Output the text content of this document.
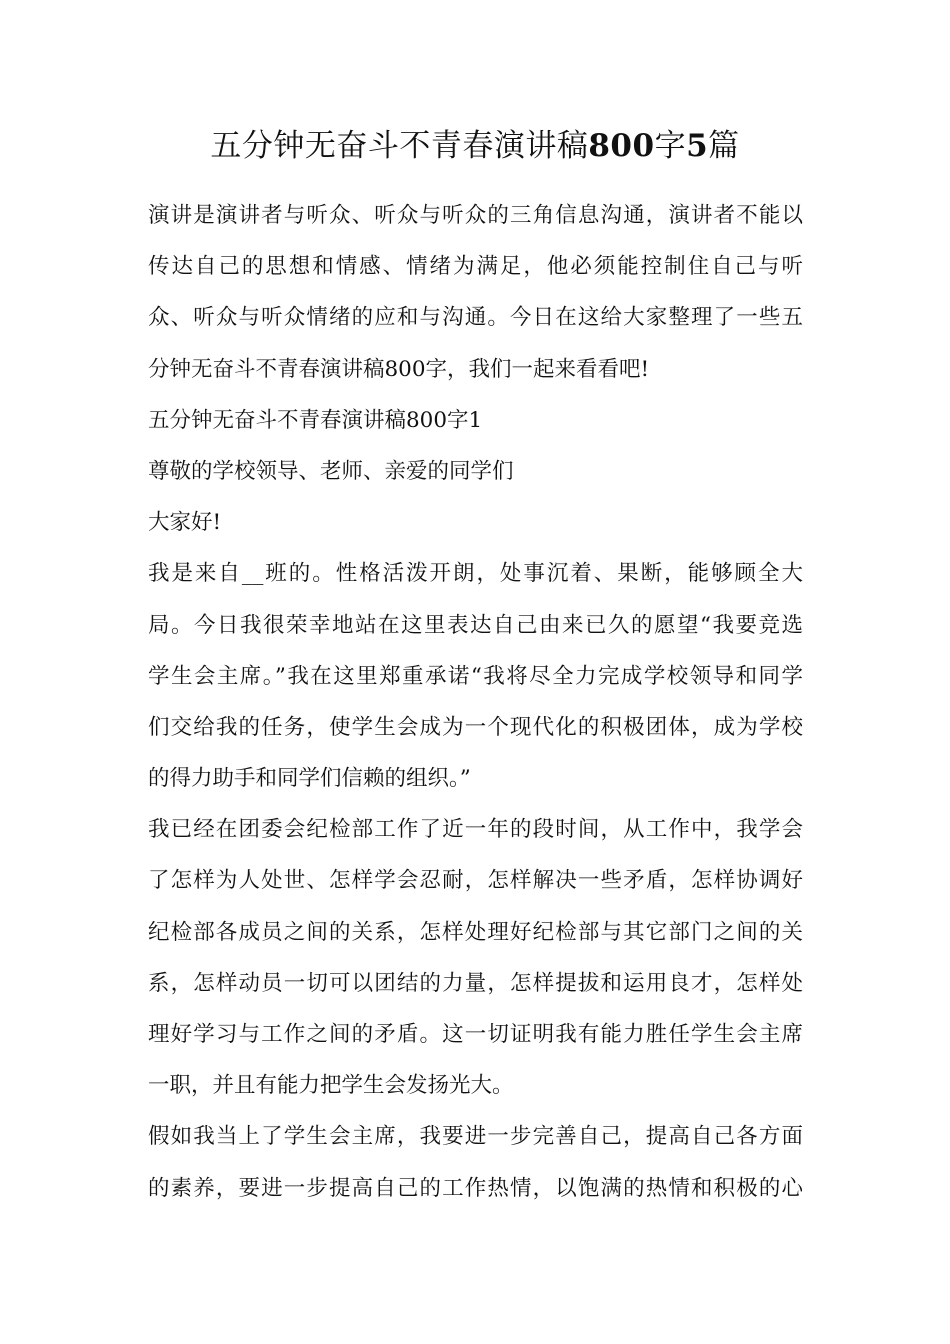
五分钟无奋斗不青春演讲稿800字5篇
演讲是演讲者与听众、听众与听众的三角信息沟通，演讲者不能以
传达自己的思想和情感、情绪为满足，他必须能控制住自己与听
众、听众与听众情绪的应和与沟通。今日在这给大家整理了一些五
分钟无奋斗不青春演讲稿800字，我们一起来看看吧!
五分钟无奋斗不青春演讲稿800字1
尊敬的学校领导、老师、亲爱的同学们
大家好!
我是来自__班的。性格活泼开朗，处事沉着、果断，能够顾全大
局。今日我很荣幸地站在这里表达自己由来已久的愿望“我要竞选
学生会主席。”我在这里郑重承诺“我将尽全力完成学校领导和同学
们交给我的任务，使学生会成为一个现代化的积极团体，成为学校
的得力助手和同学们信赖的组织。”
我已经在团委会纪检部工作了近一年的段时间，从工作中，我学会
了怎样为人处世、怎样学会忍耐，怎样解决一些矛盾，怎样协调好
纪检部各成员之间的关系，怎样处理好纪检部与其它部门之间的关
系，怎样动员一切可以团结的力量，怎样提拔和运用良才，怎样处
理好学习与工作之间的矛盾。这一切证明我有能力胜任学生会主席
一职，并且有能力把学生会发扬光大。
假如我当上了学生会主席，我要进一步完善自己，提高自己各方面
的素养，要进一步提高自己的工作热情，以饱满的热情和积极的心
